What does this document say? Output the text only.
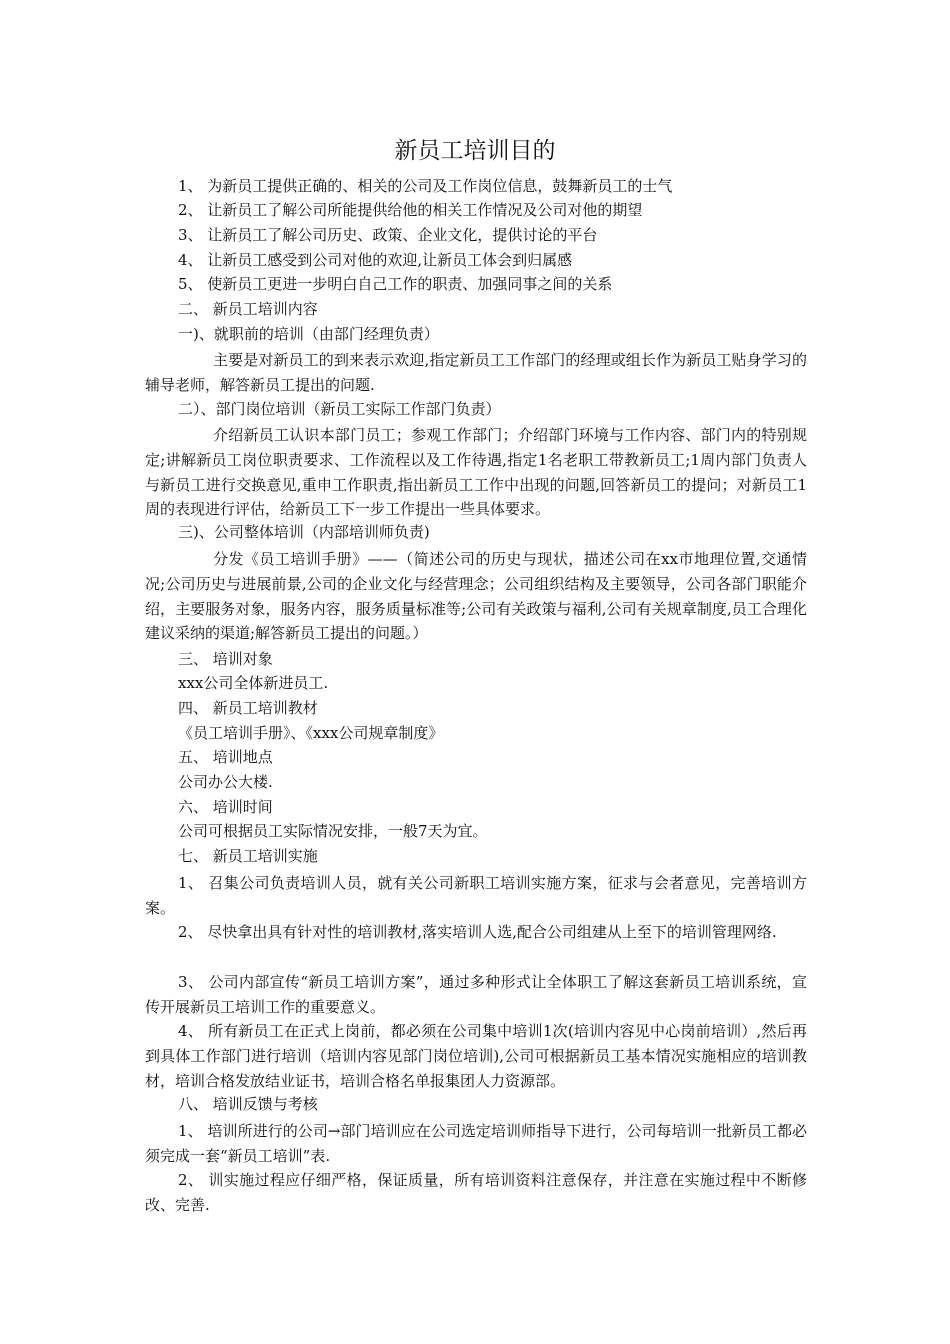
新员工培训目的
1、 为新员工提供正确的、相关的公司及工作岗位信息，鼓舞新员工的士气
2、 让新员工了解公司所能提供给他的相关工作情况及公司对他的期望
3、 让新员工了解公司历史、政策、企业文化，提供讨论的平台
4、 让新员工感受到公司对他的欢迎,让新员工体会到归属感
5、 使新员工更进一步明白自己工作的职责、加强同事之间的关系
二、 新员工培训内容
一)、就职前的培训（由部门经理负责）
主要是对新员工的到来表示欢迎,指定新员工工作部门的经理或组长作为新员工贴身学习的辅导老师，解答新员工提出的问题.
二）、部门岗位培训（新员工实际工作部门负责）
介绍新员工认识本部门员工；参观工作部门；介绍部门环境与工作内容、部门内的特别规定;讲解新员工岗位职责要求、工作流程以及工作待遇,指定1名老职工带教新员工;1周内部门负责人与新员工进行交换意见,重申工作职责,指出新员工工作中出现的问题,回答新员工的提问；对新员工1周的表现进行评估，给新员工下一步工作提出一些具体要求。
三)、公司整体培训（内部培训师负责)
分发《员工培训手册》——（简述公司的历史与现状，描述公司在xx市地理位置,交通情况;公司历史与进展前景,公司的企业文化与经营理念；公司组织结构及主要领导，公司各部门职能介绍，主要服务对象，服务内容，服务质量标准等;公司有关政策与福利,公司有关规章制度,员工合理化建议采纳的渠道;解答新员工提出的问题。）
三、 培训对象
xxx公司全体新进员工.
四、 新员工培训教材
《员工培训手册》、《xxx公司规章制度》
五、 培训地点
公司办公大楼.
六、 培训时间
公司可根据员工实际情况安排，一般7天为宜。
七、 新员工培训实施
1、 召集公司负责培训人员，就有关公司新职工培训实施方案，征求与会者意见，完善培训方案。
2、 尽快拿出具有针对性的培训教材,落实培训人选,配合公司组建从上至下的培训管理网络.
3、 公司内部宣传“新员工培训方案”，通过多种形式让全体职工了解这套新员工培训系统，宣传开展新员工培训工作的重要意义。
4、 所有新员工在正式上岗前，都必须在公司集中培训1次(培训内容见中心岗前培训）,然后再到具体工作部门进行培训（培训内容见部门岗位培训),公司可根据新员工基本情况实施相应的培训教材，培训合格发放结业证书，培训合格名单报集团人力资源部。
八、 培训反馈与考核
1、 培训所进行的公司→部门培训应在公司选定培训师指导下进行，公司每培训一批新员工都必须完成一套“新员工培训”表.
2、 训实施过程应仔细严格，保证质量，所有培训资料注意保存，并注意在实施过程中不断修改、完善.
